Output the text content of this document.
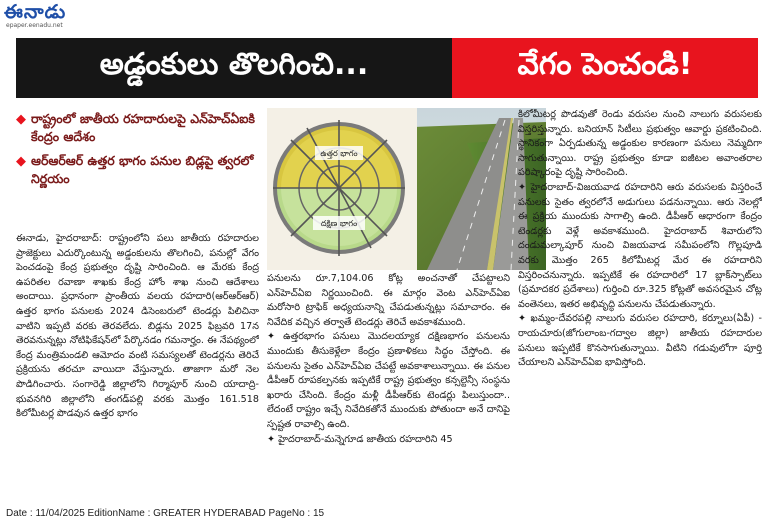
ఈనాడు
epaper.eenadu.net
అడ్డంకులు తొలగించి...	వేగం పెంచండి!
◆ రాష్ట్రంలో జాతీయ రహదారులపై ఎన్‌హెచ్‌ఏఐకి కేంద్రం ఆదేశం
◆ ఆర్‌ఆర్‌ఆర్ ఉత్తర భాగం పనుల బిడ్లపై త్వరలో నిర్ణయం
ఉత్తర భాగం
దక్షిణ భాగం

ఈనాడు, హైదరాబాద్: రాష్ట్రంలోని పలు జాతీయ రహదారుల ప్రాజెక్టులు ఎదుర్కొంటున్న అడ్డంకులను తొలగించి, పనుల్లో వేగం పెంచడంపై కేంద్ర ప్రభుత్వం దృష్టి సారించింది. ఆ మేరకు కేంద్ర ఉపరితల రవాణా శాఖకు కేంద్ర హోం శాఖ నుంచి ఆదేశాలు అందాయి. ప్రధానంగా ప్రాంతీయ వలయ రహదారి(ఆర్‌ఆర్‌ఆర్) ఉత్తర భాగం పనులకు 2024 డిసెంబరులో టెండర్లు పిలిచినా వాటిని ఇప్పటి వరకు తెరవలేదు. బిడ్లను 2025 ఫిబ్రవరి 17న తెరవనున్నట్లు నోటిఫికేషన్‌లో పేర్కొనడం గమనార్హం. ఈ నేపథ్యంలో కేంద్ర మంత్రిమండలి ఆమోదం వంటి సమస్యలతో టెండర్లను తెరిచే ప్రక్రియను తరచూ వాయిదా వేస్తున్నారు. తాజాగా మరో నెల పొడిగించారు. సంగారెడ్డి జిల్లాలోని గిర్మాపూర్ నుంచి యాదాద్రి-భువనగిరి జిల్లాలోని తంగడ్‌పల్లి వరకు మొత్తం 161.518 కిలోమీటర్ల పొడవున ఉత్తర భాగం

పనులను రూ.7,104.06 కోట్ల అంచనాతో చేపట్టాలని ఎన్‌హెచ్‌ఏఐ నిర్ణయించింది. ఈ మార్గం వెంట ఎన్‌హెచ్‌ఏఐ మరోసారి ట్రాఫిక్ అధ్యయనాన్ని చేపడుతున్నట్లు సమాచారం. ఈ నివేదిక వచ్చిన తర్వాతే టెండర్లు తెరిచే అవకాశముంది.

✦ ఉత్తరభాగం పనులు మొదలయ్యాక దక్షిణభాగం పనులను ముందుకు తీసుకెళ్లేలా కేంద్రం ప్రణాళికలు సిద్ధం చేస్తోంది. ఈ పనులను సైతం ఎన్‌హెచ్‌ఏఐ చేపట్టే అవకాశాలున్నాయి. ఈ పనుల డీపీఆర్ రూపకల్పనకు ఇప్పటికే రాష్ట్ర ప్రభుత్వం కన్సల్టెన్సీ సంస్థను ఖరారు చేసింది. కేంద్రం మళ్లీ డీపీఆర్‌కు టెండర్లు పిలుస్తుందా.. లేదంటే రాష్ట్రం ఇచ్చే నివేదికతోనే ముందుకు పోతుందా అనే దానిపై స్పష్టత రావాల్సి ఉంది.

✦ హైదరాబాద్-మన్నెగూడ జాతీయ రహదారిని 45

కిలోమీటర్ల పొడవుతో రెండు వరుసల నుంచి నాలుగు వరుసలకు విస్తరిస్తున్నారు. బనియాన్ సిటీలు ప్రభుత్వం ఆవార్డు ప్రకటించింది. స్థానికంగా ఏర్పడుతున్న అడ్డంకుల కారణంగా పనులు నెమ్మదిగా సాగుతున్నాయి. రాష్ట్ర ప్రభుత్వం కూడా ఐజీటల అవాంతరాల పరిష్కారంపై దృష్టి సారించింది.

✦ హైదరాబాద్-విజయవాడ రహదారిని ఆరు వరుసలకు విస్తరించే పనులకు సైతం త్వరలోనే అడుగులు పడనున్నాయి. ఆరు నెలల్లో ఈ ప్రక్రియ ముందుకు సాగాల్సి ఉంది. డీపీఆర్ ఆధారంగా కేంద్రం టెండర్లకు వెళ్లే అవకాశముంది. హైదరాబాద్ శివారులోని దండుమల్కాపూర్ నుంచి విజయవాడ సమీపంలోని గొల్లపూడి వరకు మొత్తం 265 కిలోమీటర్ల మేర ఈ రహదారిని విస్తరించనున్నారు. ఇప్పటికే ఈ రహదారిలో 17 బ్లాక్‌స్పాట్‌లు (ప్రమాదకర ప్రదేశాలు) గుర్తించి రూ.325 కోట్లతో అవసరమైన చోట్ల వంతెనలు, ఇతర అభివృద్ధి పనులను చేపడుతున్నారు.

✦ ఖమ్మం-దేవరపల్లి నాలుగు వరుసల రహదారి, కర్నూలు(ఏపీ) - రాయచూరు(జోగులాంబ-గద్వాల జిల్లా) జాతీయ రహదారుల పనులు ఇప్పటికే కొనసాగుతున్నాయి. వీటిని గడువులోగా పూర్తి చేయాలని ఎన్‌హెచ్‌ఏఐ భావిస్తోంది.

Date : 11/04/2025 EditionName : GREATER HYDERABAD PageNo : 15
